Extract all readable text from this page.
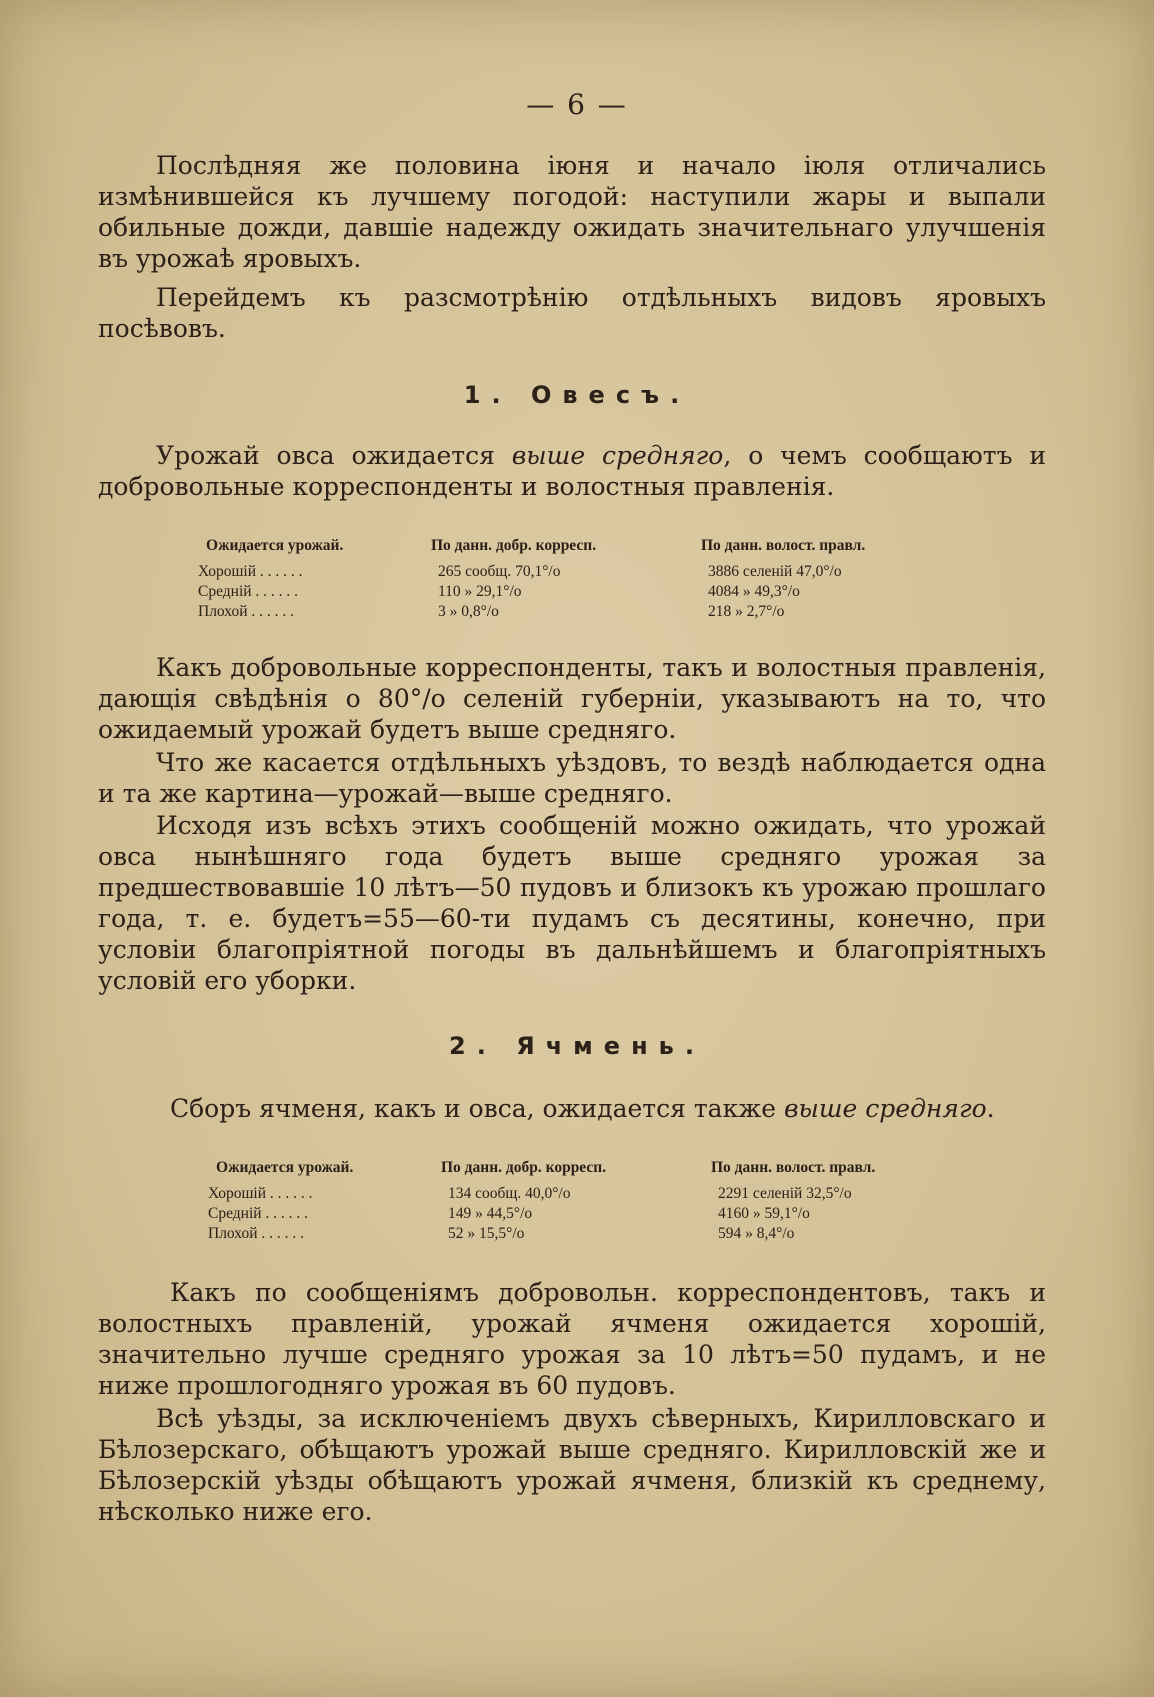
— 6 —

Послѣдняя же половина іюня и начало іюля отличались измѣнившейся къ лучшему погодой: наступили жары и выпали обильные дожди, давшіе надежду ожидать значительнаго улучшенія въ урожаѣ яровыхъ.

Перейдемъ къ разсмотрѣнію отдѣльныхъ видовъ яровыхъ посѣвовъ.

1. Овесъ.

Урожай овса ожидается выше средняго, о чемъ сообщаютъ и добровольные корреспонденты и волостныя правленія.

Ожидается урожай.	По данн. добр. корресп.	По данн. волост. правл.
Хорошій . . . . . .	265 сообщ. 70,1°/о	3886 селеній 47,0°/о
Средній . . . . . .	110 » 29,1°/о	4084 » 49,3°/о
Плохой . . . . . .	3 » 0,8°/о	218 » 2,7°/о

Какъ добровольные корреспонденты, такъ и волостныя правленія, дающія свѣдѣнія о 80°/о селеній губерніи, указываютъ на то, что ожидаемый урожай будетъ выше средняго.

Что же касается отдѣльныхъ уѣздовъ, то вездѣ наблюдается одна и та же картина—урожай—выше средняго.

Исходя изъ всѣхъ этихъ сообщеній можно ожидать, что урожай овса нынѣшняго года будетъ выше средняго урожая за предшествовавшіе 10 лѣтъ—50 пудовъ и близокъ къ урожаю прошлаго года, т. е. будетъ=55—60-ти пудамъ съ десятины, конечно, при условіи благопріятной погоды въ дальнѣйшемъ и благопріятныхъ условій его уборки.

2. Ячмень.

Сборъ ячменя, какъ и овса, ожидается также выше средняго.

Ожидается урожай.	По данн. добр. корресп.	По данн. волост. правл.
Хорошій . . . . . .	134 сообщ. 40,0°/о	2291 селеній 32,5°/о
Средній . . . . . .	149 » 44,5°/о	4160 » 59,1°/о
Плохой . . . . . .	52 » 15,5°/о	594 » 8,4°/о

Какъ по сообщеніямъ добровольн. корреспондентовъ, такъ и волостныхъ правленій, урожай ячменя ожидается хорошій, значительно лучше средняго урожая за 10 лѣтъ=50 пудамъ, и не ниже прошлогодняго урожая въ 60 пудовъ.

Всѣ уѣзды, за исключеніемъ двухъ сѣверныхъ, Кирилловскаго и Бѣлозерскаго, обѣщаютъ урожай выше средняго. Кирилловскій же и Бѣлозерскій уѣзды обѣщаютъ урожай ячменя, близкій къ среднему, нѣсколько ниже его.
